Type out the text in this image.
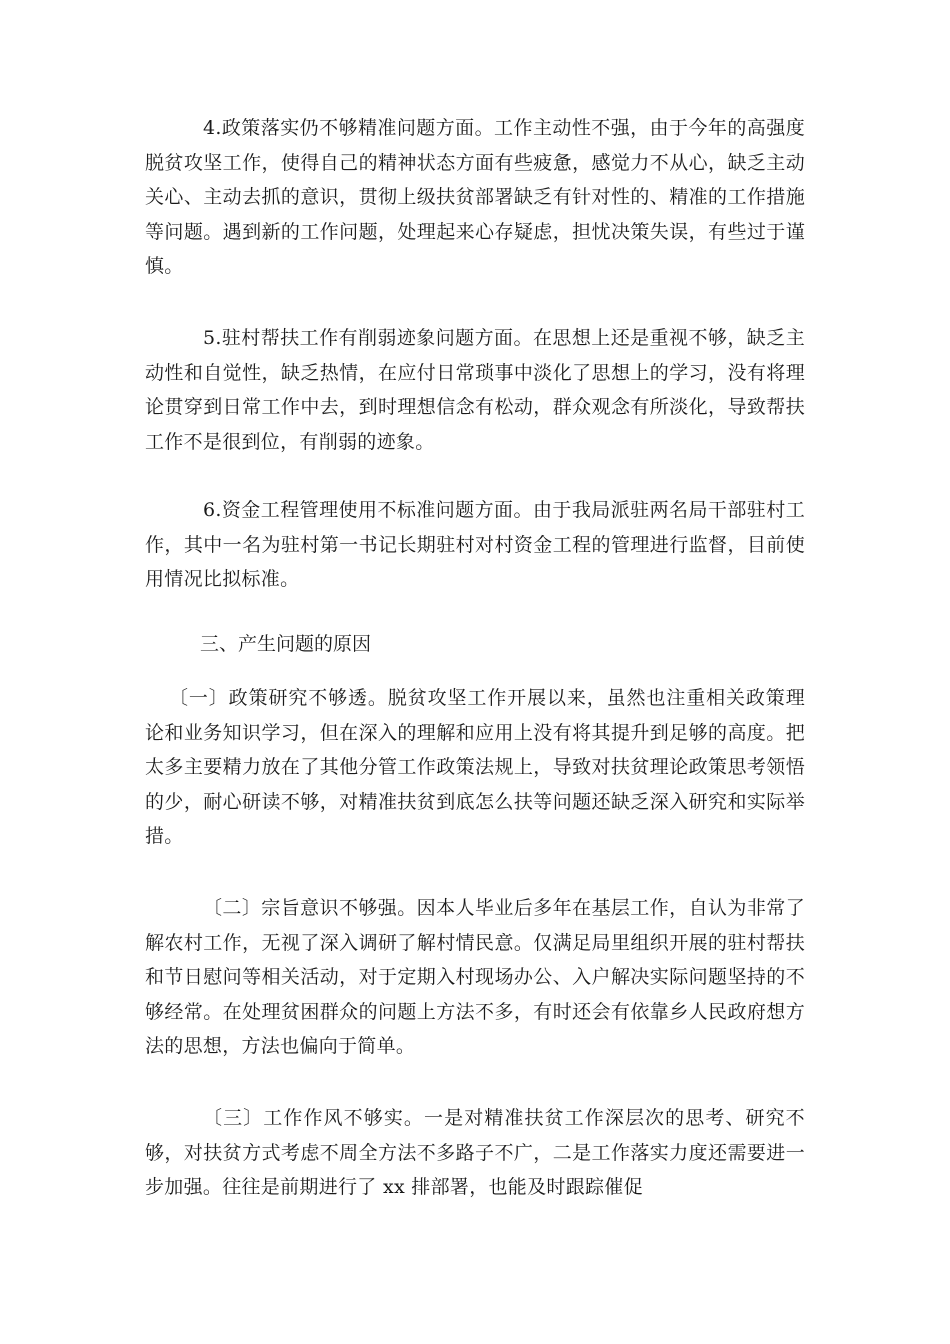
4.政策落实仍不够精准问题方面。工作主动性不强，由于今年的高强度脱贫攻坚工作，使得自己的精神状态方面有些疲惫，感觉力不从心，缺乏主动关心、主动去抓的意识，贯彻上级扶贫部署缺乏有针对性的、精准的工作措施等问题。遇到新的工作问题，处理起来心存疑虑，担忧决策失误，有些过于谨慎。

5.驻村帮扶工作有削弱迹象问题方面。在思想上还是重视不够，缺乏主动性和自觉性，缺乏热情，在应付日常琐事中淡化了思想上的学习，没有将理论贯穿到日常工作中去，到时理想信念有松动，群众观念有所淡化，导致帮扶工作不是很到位，有削弱的迹象。

6.资金工程管理使用不标准问题方面。由于我局派驻两名局干部驻村工作，其中一名为驻村第一书记长期驻村对村资金工程的管理进行监督，目前使用情况比拟标准。

三、产生问题的原因

〔一〕政策研究不够透。脱贫攻坚工作开展以来，虽然也注重相关政策理论和业务知识学习，但在深入的理解和应用上没有将其提升到足够的高度。把太多主要精力放在了其他分管工作政策法规上，导致对扶贫理论政策思考领悟的少，耐心研读不够，对精准扶贫到底怎么扶等问题还缺乏深入研究和实际举措。

〔二〕宗旨意识不够强。因本人毕业后多年在基层工作，自认为非常了解农村工作，无视了深入调研了解村情民意。仅满足局里组织开展的驻村帮扶和节日慰问等相关活动，对于定期入村现场办公、入户解决实际问题坚持的不够经常。在处理贫困群众的问题上方法不多，有时还会有依靠乡人民政府想方法的思想，方法也偏向于简单。

〔三〕工作作风不够实。一是对精准扶贫工作深层次的思考、研究不够，对扶贫方式考虑不周全方法不多路子不广，二是工作落实力度还需要进一步加强。往往是前期进行了 xx 排部署，也能及时跟踪催促
